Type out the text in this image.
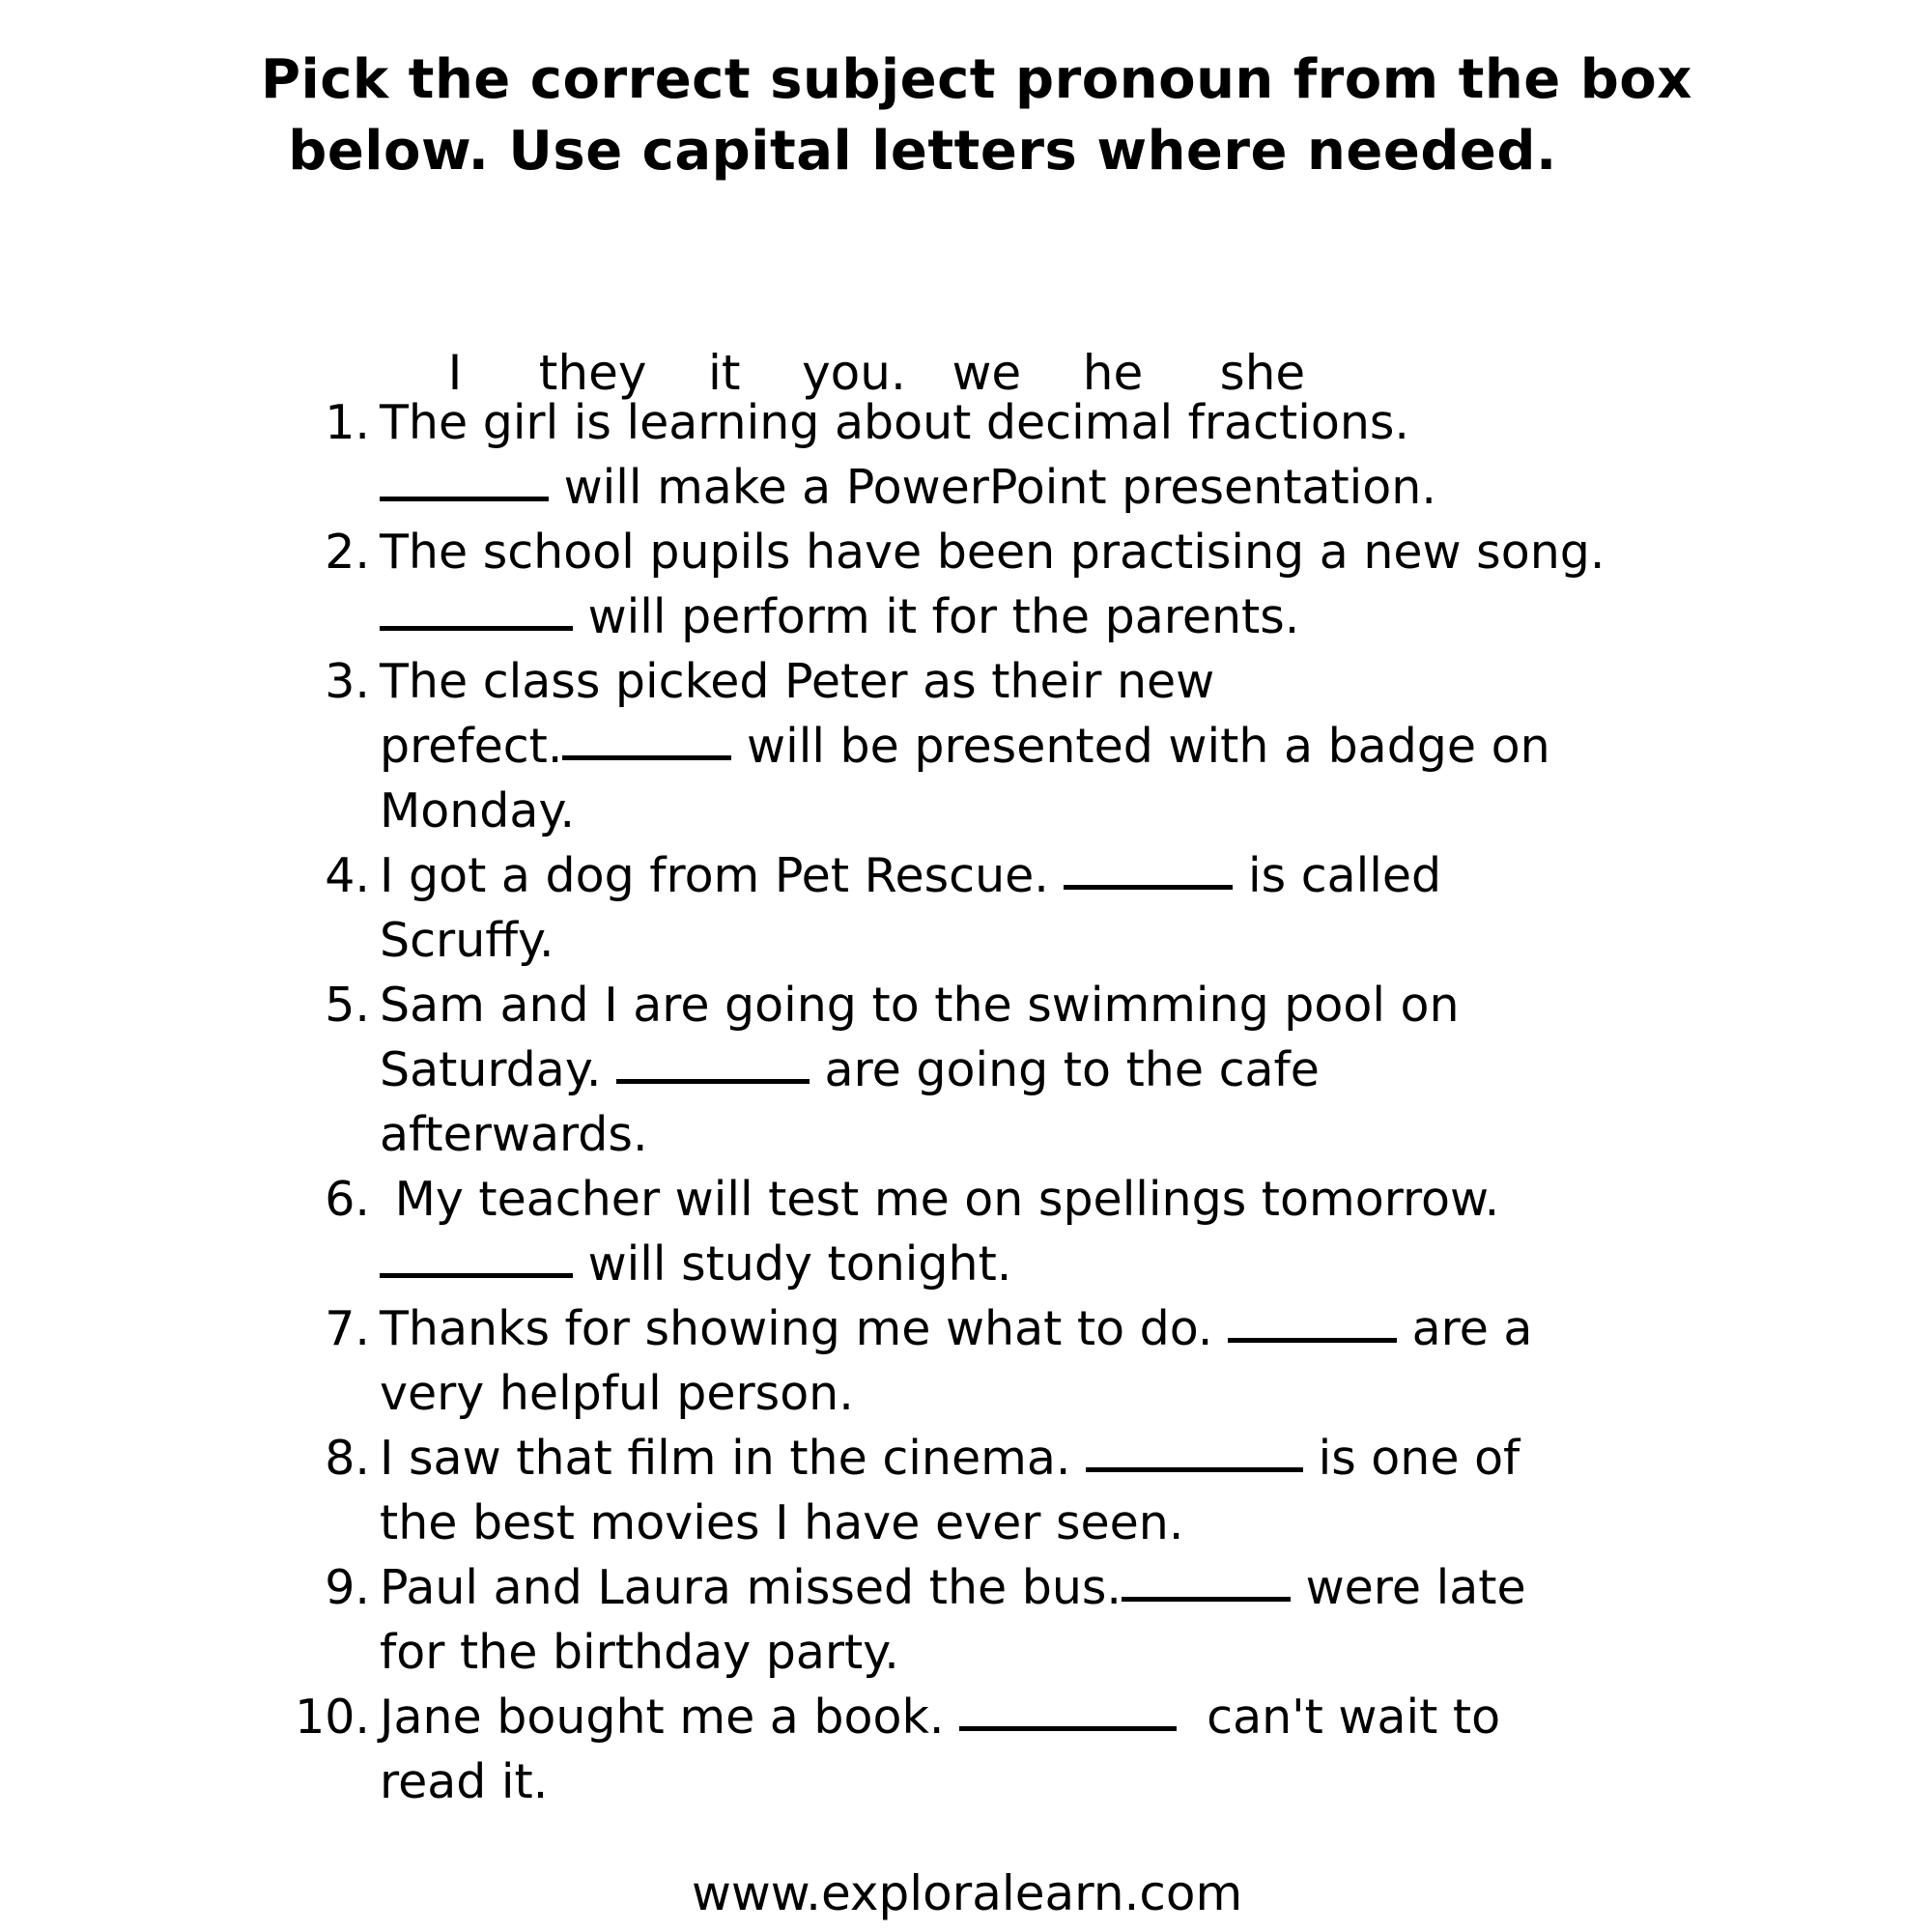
Pick the correct subject pronoun from the box
below. Use capital letters where needed.

I     they    it    you.   we    he     she

1. The girl is learning about decimal fractions.
will make a PowerPoint presentation.
2. The school pupils have been practising a new song.
will perform it for the parents.
3. The class picked Peter as their new
prefect.	will be presented with a badge on
Monday.
4. I got a dog from Pet Rescue.	is called
Scruffy.
5. Sam and I are going to the swimming pool on
Saturday.	are going to the cafe
afterwards.
6. My teacher will test me on spellings tomorrow.
will study tonight.
7. Thanks for showing me what to do.	are a
very helpful person.
8. I saw that film in the cinema.	is one of
the best movies I have ever seen.
9. Paul and Laura missed the bus.	were late
for the birthday party.
10. Jane bought me a book.	can't wait to
read it.
www.exploralearn.com
